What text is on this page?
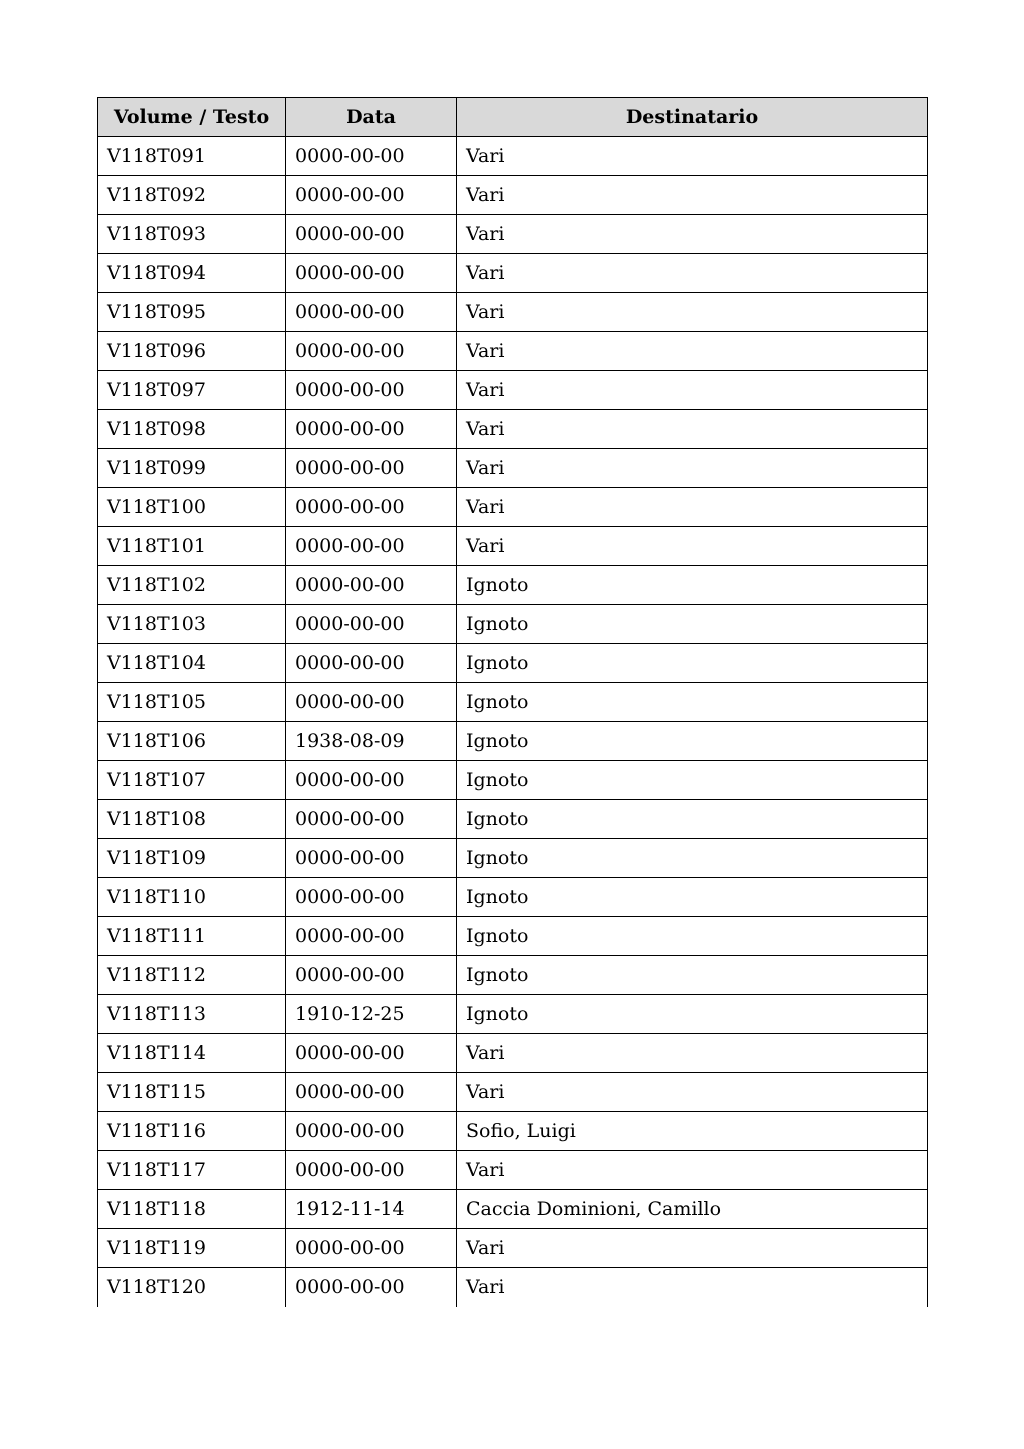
Volume / Testo	Data	Destinatario
V118T091	0000-00-00	Vari
V118T092	0000-00-00	Vari
V118T093	0000-00-00	Vari
V118T094	0000-00-00	Vari
V118T095	0000-00-00	Vari
V118T096	0000-00-00	Vari
V118T097	0000-00-00	Vari
V118T098	0000-00-00	Vari
V118T099	0000-00-00	Vari
V118T100	0000-00-00	Vari
V118T101	0000-00-00	Vari
V118T102	0000-00-00	Ignoto
V118T103	0000-00-00	Ignoto
V118T104	0000-00-00	Ignoto
V118T105	0000-00-00	Ignoto
V118T106	1938-08-09	Ignoto
V118T107	0000-00-00	Ignoto
V118T108	0000-00-00	Ignoto
V118T109	0000-00-00	Ignoto
V118T110	0000-00-00	Ignoto
V118T111	0000-00-00	Ignoto
V118T112	0000-00-00	Ignoto
V118T113	1910-12-25	Ignoto
V118T114	0000-00-00	Vari
V118T115	0000-00-00	Vari
V118T116	0000-00-00	Sofio, Luigi
V118T117	0000-00-00	Vari
V118T118	1912-11-14	Caccia Dominioni, Camillo
V118T119	0000-00-00	Vari
V118T120	0000-00-00	Vari
